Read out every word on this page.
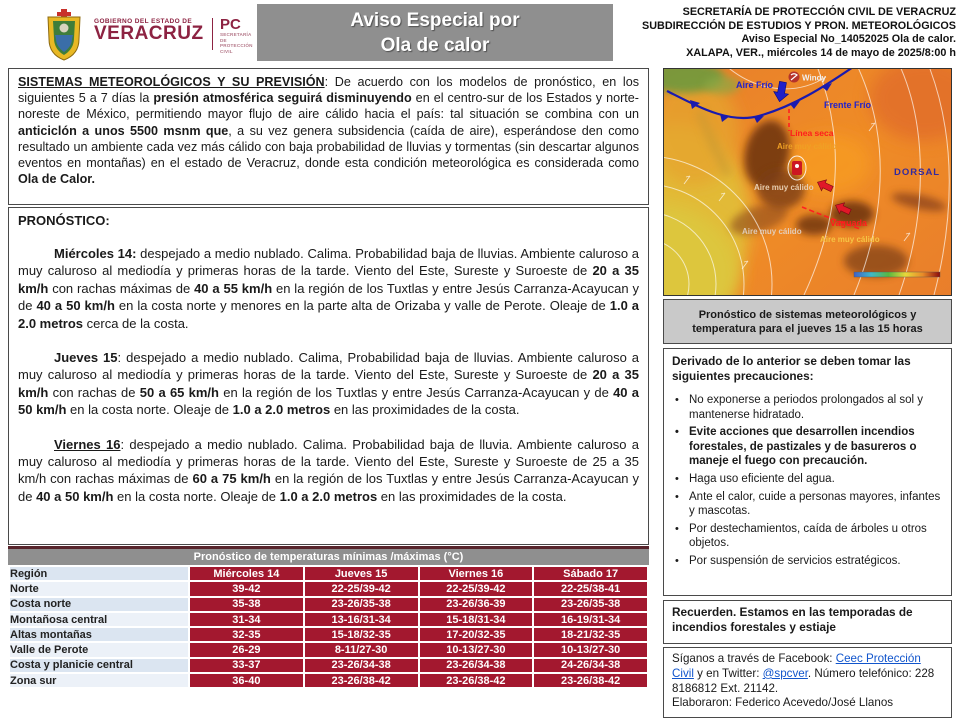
GOBIERNO DEL ESTADO DE
VERACRUZ PC
SECRETARÍA DE
PROTECCIÓN CIVIL
Aviso Especial por
Ola de calor
SECRETARÍA DE PROTECCIÓN CIVIL DE VERACRUZ
SUBDIRECCIÓN DE ESTUDIOS Y PRON. METEOROLÓGICOS
Aviso Especial No_14052025 Ola de calor.
XALAPA, VER., miércoles 14 de mayo de 2025/8:00 h

SISTEMAS METEOROLÓGICOS Y SU PREVISIÓN: De acuerdo con los modelos de pronóstico, en los siguientes 5 a 7 días la presión atmosférica seguirá disminuyendo en el centro-sur de los Estados y norte-noreste de México, permitiendo mayor flujo de aire cálido hacia el país: tal situación se combina con un anticiclón a unos 5500 msnm que, a su vez genera subsidencia (caída de aire), esperándose den como resultado un ambiente cada vez más cálido con baja probabilidad de lluvias y tormentas (sin descartar algunos eventos en montañas) en el estado de Veracruz, donde esta condición meteorológica es considerada como Ola de Calor.

PRONÓSTICO:

Miércoles 14: despejado a medio nublado. Calima. Probabilidad baja de lluvias. Ambiente caluroso a muy caluroso al mediodía y primeras horas de la tarde. Viento del Este, Sureste y Suroeste de 20 a 35 km/h con rachas máximas de 40 a 55 km/h en la región de los Tuxtlas y entre Jesús Carranza-Acayucan y de 40 a 50 km/h en la costa norte y menores en la parte alta de Orizaba y valle de Perote. Oleaje de 1.0 a 2.0 metros cerca de la costa.

Jueves 15: despejado a medio nublado. Calima, Probabilidad baja de lluvias. Ambiente caluroso a muy caluroso al mediodía y primeras horas de la tarde. Viento del Este, Sureste y Suroeste de 20 a 35 km/h con rachas de 50 a 65 km/h en la región de los Tuxtlas y entre Jesús Carranza-Acayucan y de 40 a 50 km/h en la costa norte. Oleaje de 1.0 a 2.0 metros en las proximidades de la costa.

Viernes 16: despejado a medio nublado. Calima. Probabilidad baja de lluvia. Ambiente caluroso a muy caluroso al mediodía y primeras horas de la tarde. Viento del Este, Sureste y Suroeste de 25 a 35 km/h con rachas máximas de 60 a 75 km/h en la región de los Tuxtlas y entre Jesús Carranza-Acayucan y de 40 a 50 km/h en la costa norte. Oleaje de 1.0 a 2.0 metros en las proximidades de la costa.

Pronóstico de temperaturas mínimas /máximas (°C)
Región	Miércoles 14	Jueves 15	Viernes 16	Sábado 17
Norte	39-42	22-25/39-42	22-25/39-42	22-25/38-41
Costa norte	35-38	23-26/35-38	23-26/36-39	23-26/35-38
Montañosa central	31-34	13-16/31-34	15-18/31-34	16-19/31-34
Altas montañas	32-35	15-18/32-35	17-20/32-35	18-21/32-35
Valle de Perote	26-29	8-11/27-30	10-13/27-30	10-13/27-30
Costa y planicie central	33-37	23-26/34-38	23-26/34-38	24-26/34-38
Zona sur	36-40	23-26/38-42	23-26/38-42	23-26/38-42
Windy
Aire Frío
Frente Frío
Línea seca
Aire muy cálido
DORSAL
Aire muy cálido
Vaguada
Aire muy cálido
Aire muy cálido
Pronóstico de sistemas meteorológicos y
temperatura para el jueves 15 a las 15 horas

Derivado de lo anterior se deben tomar las siguientes precauciones:

• No exponerse a periodos prolongados al sol y mantenerse hidratado.
• Evite acciones que desarrollen incendios forestales, de pastizales y de basureros o maneje el fuego con precaución.
• Haga uso eficiente del agua.
• Ante el calor, cuide a personas mayores, infantes y mascotas.
• Por destechamientos, caída de árboles u otros objetos.
• Por suspensión de servicios estratégicos.
Recuerden. Estamos en las temporadas de incendios forestales y estiaje

Síganos a través de Facebook: Ceec Protección Civil y en Twitter: @spcver. Número telefónico: 228 8186812 Ext. 21142.

Elaboraron: Federico Acevedo/José Llanos
